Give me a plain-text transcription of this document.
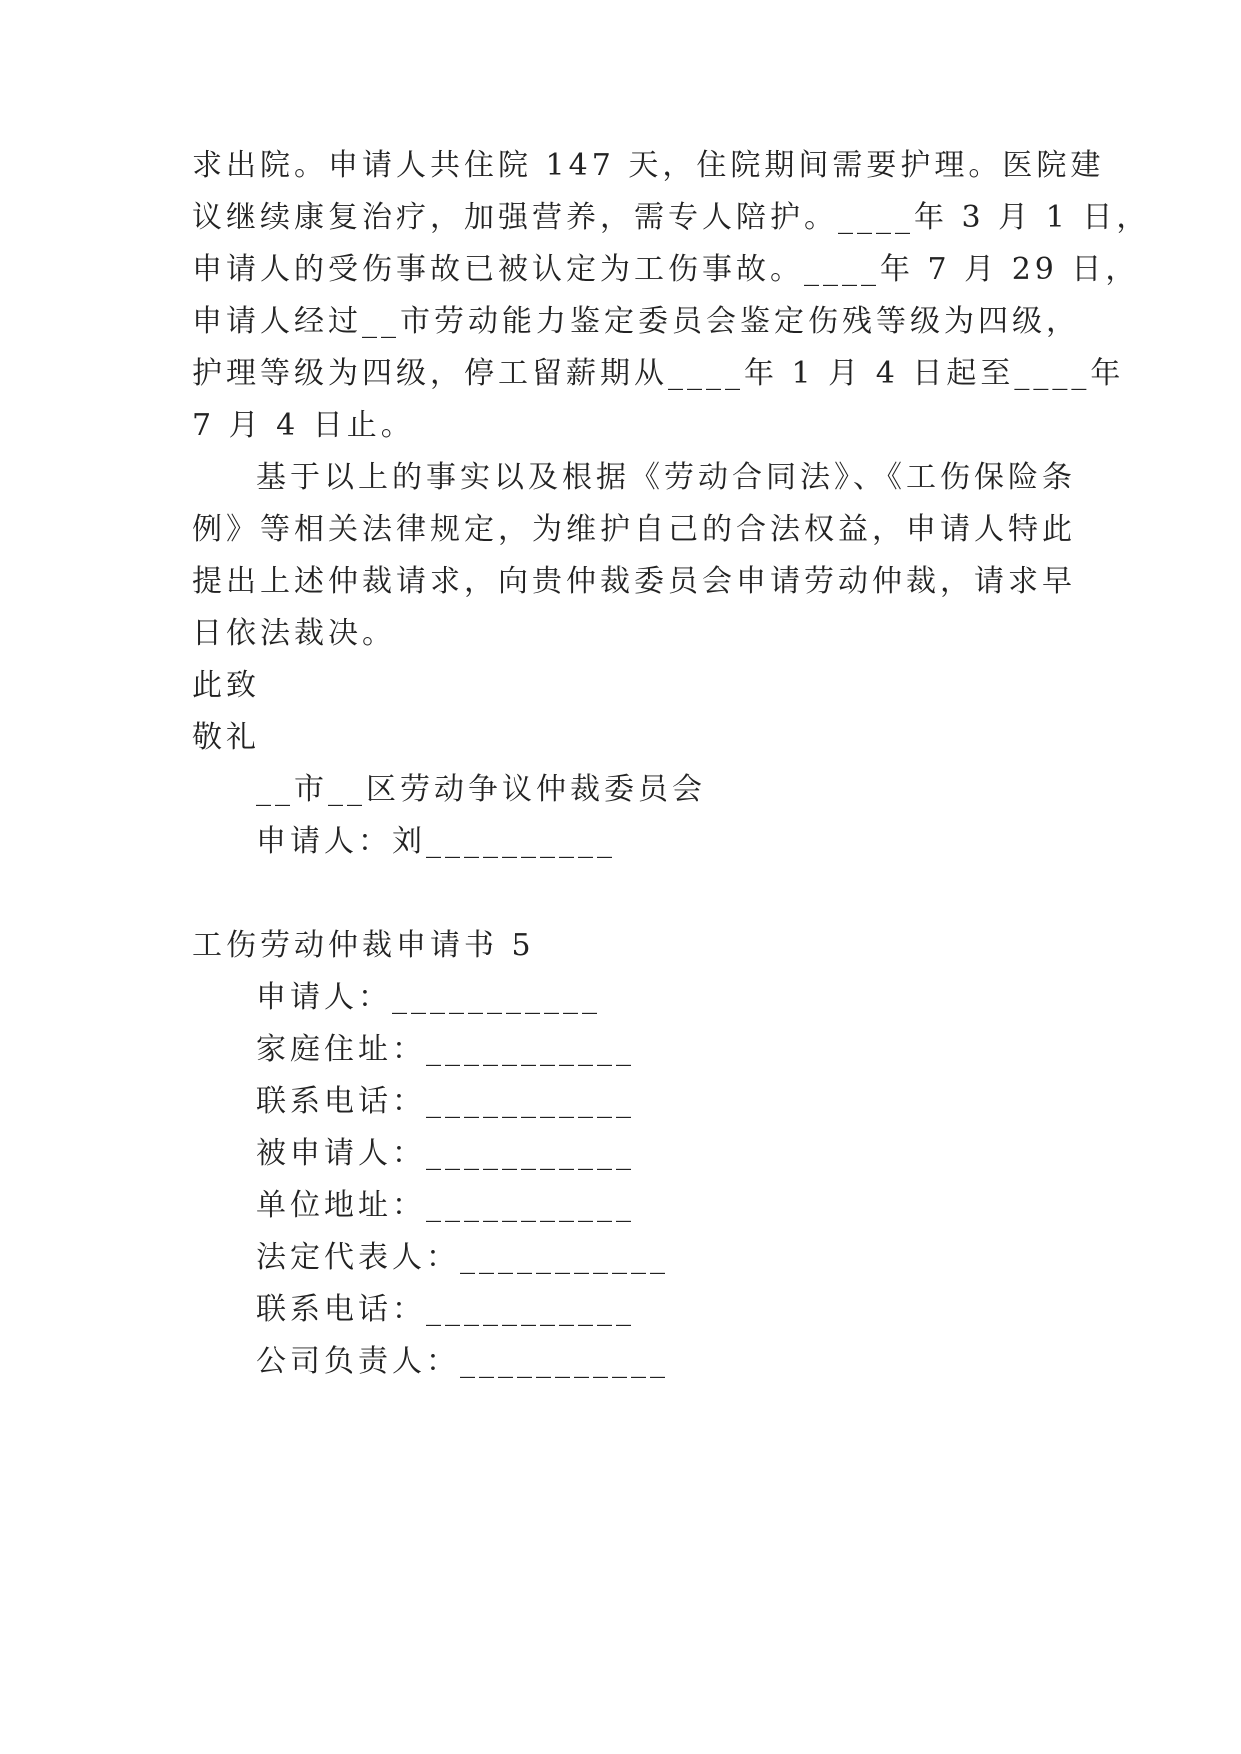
求出院。申请人共住院 147 天，住院期间需要护理。医院建
议继续康复治疗，加强营养，需专人陪护。____年 3 月 1 日，
申请人的受伤事故已被认定为工伤事故。____年 7 月 29 日，
申请人经过__市劳动能力鉴定委员会鉴定伤残等级为四级，
护理等级为四级，停工留薪期从____年 1 月 4 日起至____年
7 月 4 日止。
基于以上的事实以及根据《劳动合同法》、《工伤保险条
例》等相关法律规定，为维护自己的合法权益，申请人特此
提出上述仲裁请求，向贵仲裁委员会申请劳动仲裁，请求早
日依法裁决。
此致
敬礼
__市__区劳动争议仲裁委员会
申请人：刘__________
工伤劳动仲裁申请书 5
申请人：___________
家庭住址：___________
联系电话：___________
被申请人：___________
单位地址：___________
法定代表人：___________
联系电话：___________
公司负责人：___________
